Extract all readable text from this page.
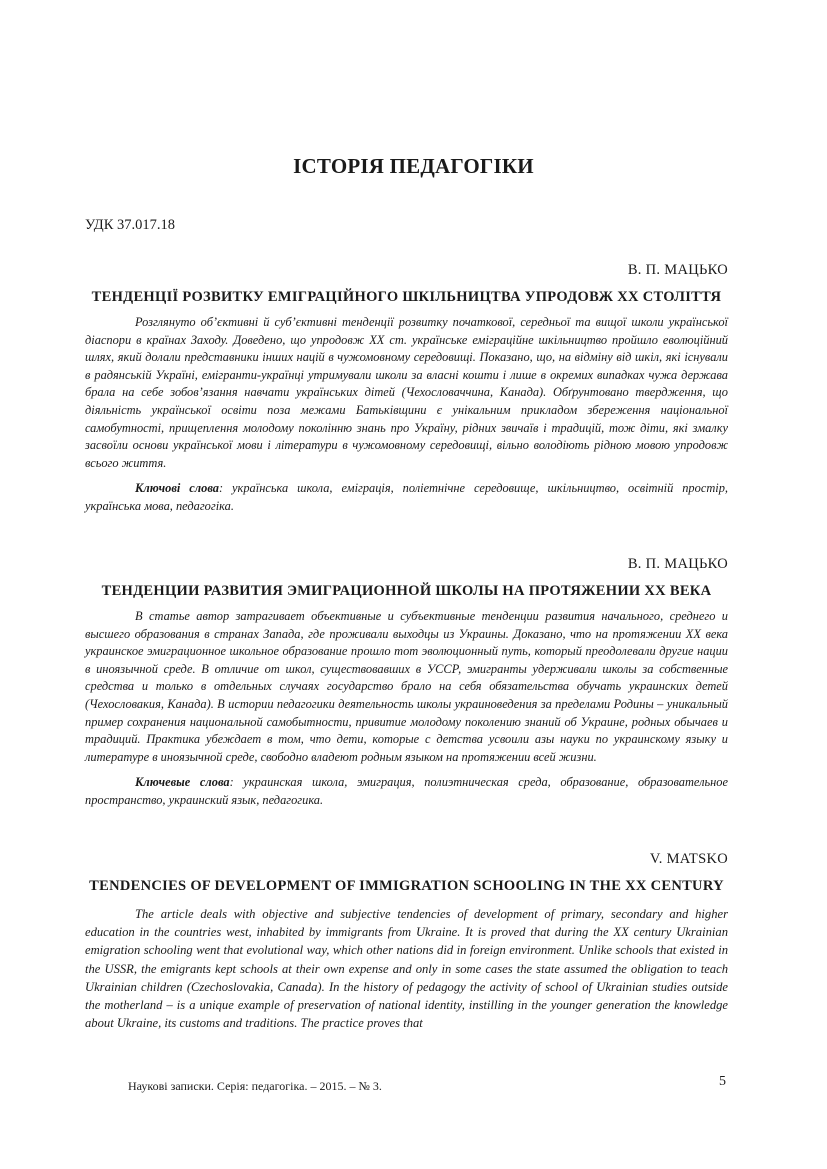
ІСТОРІЯ ПЕДАГОГІКИ
УДК 37.017.18
В. П. МАЦЬКО
ТЕНДЕНЦІЇ РОЗВИТКУ ЕМІГРАЦІЙНОГО ШКІЛЬНИЦТВА УПРОДОВЖ ХХ СТОЛІТТЯ

Розглянуто об’єктивні й суб’єктивні тенденції розвитку початкової, середньої та вищої школи української діаспори в країнах Заходу. Доведено, що упродовж ХХ ст. українське еміграційне шкільництво пройшло еволюційний шлях, який долали представники інших націй в чужомовному середовищі. Показано, що, на відміну від шкіл, які існували в радянській Україні, емігранти-українці утримували школи за власні кошти і лише в окремих випадках чужа держава брала на себе зобов’язання навчати українських дітей (Чехословаччина, Канада). Обґрунтовано твердження, що діяльність української освіти поза межами Батьківщини є унікальним прикладом збереження національної самобутності, прищеплення молодому поколінню знань про Україну, рідних звичаїв і традицій, тож діти, які змалку засвоїли основи української мови і літератури в чужомовному середовищі, вільно володіють рідною мовою упродовж всього життя.

Ключові слова: українська школа, еміграція, поліетнічне середовище, шкільництво, освітній простір, українська мова, педагогіка.

В. П. МАЦЬКО
ТЕНДЕНЦИИ РАЗВИТИЯ ЭМИГРАЦИОННОЙ ШКОЛЫ НА ПРОТЯЖЕНИИ ХХ ВЕКА

В статье автор затрагивает объективные и субъективные тенденции развития начального, среднего и высшего образования в странах Запада, где проживали выходцы из Украины. Доказано, что на протяжении ХХ века украинское эмиграционное школьное образование прошло тот эволюционный путь, который преодолевали другие нации в иноязычной среде. В отличие от школ, существовавших в УССР, эмигранты удерживали школы за собственные средства и только в отдельных случаях государство брало на себя обязательства обучать украинских детей (Чехословакия, Канада). В истории педагогики деятельность школы украиноведения за пределами Родины – уникальный пример сохранения национальной самобытности, привитие молодому поколению знаний об Украине, родных обычаев и традиций. Практика убеждает в том, что дети, которые с детства усвоили азы науки по украинскому языку и литературе в иноязычной среде, свободно владеют родным языком на протяжении всей жизни.

Ключевые слова: украинская школа, эмиграция, полиэтническая среда, образование, образовательное пространство, украинский язык, педагогика.

V. MATSKO
TENDENCIES OF DEVELOPMENT OF IMMIGRATION SCHOOLING IN THE XX CENTURY

The article deals with objective and subjective tendencies of development of primary, secondary and higher education in the countries west, inhabited by immigrants from Ukraine. It is proved that during the XX century Ukrainian emigration schooling went that evolutional way, which other nations did in foreign environment. Unlike schools that existed in the USSR, the emigrants kept schools at their own expense and only in some cases the state assumed the obligation to teach Ukrainian children (Czechoslovakia, Canada). In the history of pedagogy the activity of school of Ukrainian studies outside the motherland – is a unique example of preservation of national identity, instilling in the younger generation the knowledge about Ukraine, its customs and traditions. The practice proves that

Наукові записки. Серія: педагогіка. – 2015. – № 3.	5
